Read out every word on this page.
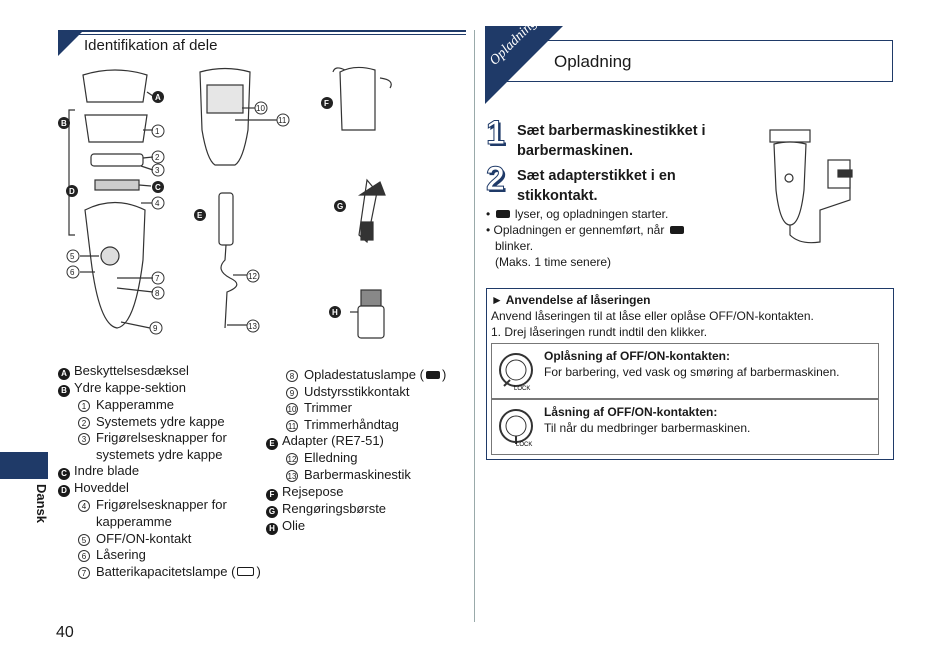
Identifikation af dele	Opladning Opladning
Dansk
40
A
B
C
D
E
F
G
H
1
2
3
4
5
6
7
8
9
10
11
12
13
A Beskyttelsesdæksel
B Ydre kappe-sektion
1 Kapperamme
2 Systemets ydre kappe
3 Frigørelsesknapper for
systemets ydre kappe
C Indre blade
D Hoveddel
4 Frigørelsesknapper for
kapperamme
5 OFF/ON-kontakt
6 Låsering
7 Batterikapacitetslampe ( )
8 Opladestatuslampe ( )
9 Udstyrsstikkontakt
10 Trimmer
11 Trimmerhåndtag
E Adapter (RE7-51)
12 Elledning
13 Barbermaskinestik
F Rejsepose
G Rengøringsbørste
H Olie
1 Sæt barbermaskinestikket i
barbermaskinen.
2 Sæt adapterstikket i en
stikkontakt.
•  lyser, og opladningen starter.
• Opladningen er gennemført, når
blinker.
(Maks. 1 time senere)
► Anvendelse af låseringen
Anvend låseringen til at låse eller oplåse OFF/ON-kontakten.
1. Drej låseringen rundt indtil den klikker.
LOCK
Oplåsning af OFF/ON-kontakten:
For barbering, ved vask og smøring af barbermaskinen.
LOCK
Låsning af OFF/ON-kontakten:
Til når du medbringer barbermaskinen.
